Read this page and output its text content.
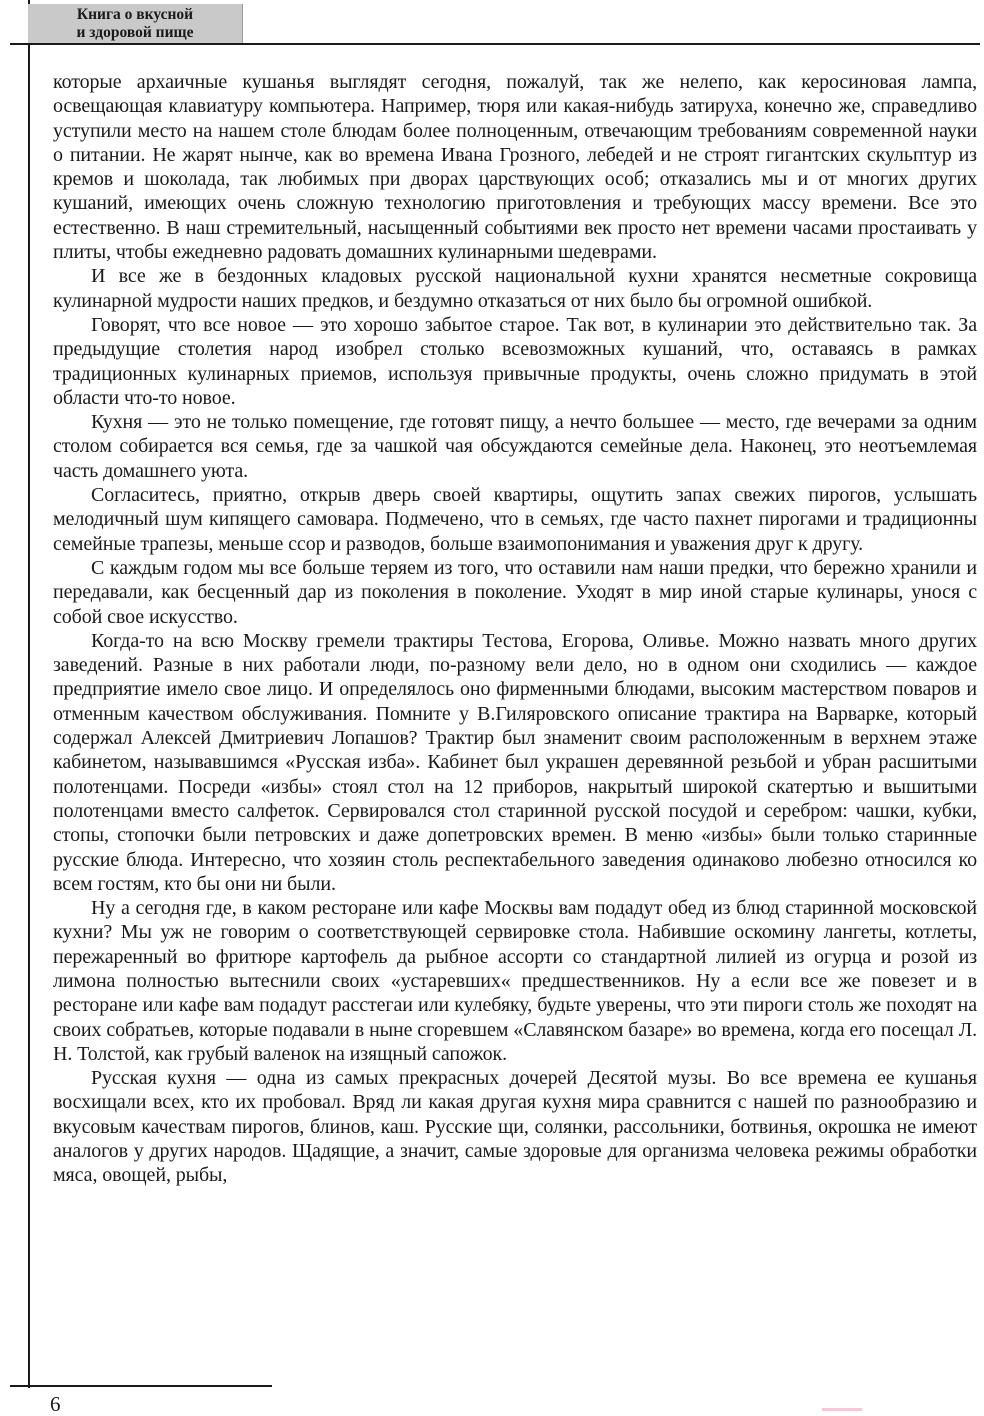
Книга о вкусной
и здоровой пище

которые архаичные кушанья выглядят сегодня, пожалуй, так же нелепо, как керосиновая лампа, освещающая клавиатуру компьютера. Например, тюря или какая-нибудь затируха, конечно же, справедливо уступили место на нашем столе блюдам более полноценным, отвечающим требованиям современной науки о питании. Не жарят нынче, как во времена Ивана Грозного, лебедей и не строят гигантских скульптур из кремов и шоколада, так любимых при дворах царствующих особ; отказались мы и от многих других кушаний, имеющих очень сложную технологию приготовления и требующих массу времени. Все это естественно. В наш стремительный, насыщенный событиями век просто нет времени часами простаивать у плиты, чтобы ежедневно радовать домашних кулинарными шедеврами.

И все же в бездонных кладовых русской национальной кухни хранятся несметные сокровища кулинарной мудрости наших предков, и бездумно отказаться от них было бы огромной ошибкой.

Говорят, что все новое — это хорошо забытое старое. Так вот, в кулинарии это действительно так. За предыдущие столетия народ изобрел столько всевозможных кушаний, что, оставаясь в рамках традиционных кулинарных приемов, используя привычные продукты, очень сложно придумать в этой области что-то новое.

Кухня — это не только помещение, где готовят пищу, а нечто большее — место, где вечерами за одним столом собирается вся семья, где за чашкой чая обсуждаются семейные дела. Наконец, это неотъемлемая часть домашнего уюта.

Согласитесь, приятно, открыв дверь своей квартиры, ощутить запах свежих пирогов, услышать мелодичный шум кипящего самовара. Подмечено, что в семьях, где часто пахнет пирогами и традиционны семейные трапезы, меньше ссор и разводов, больше взаимопонимания и уважения друг к другу.

С каждым годом мы все больше теряем из того, что оставили нам наши предки, что бережно хранили и передавали, как бесценный дар из поколения в поколение. Уходят в мир иной старые кулинары, унося с собой свое искусство.

Когда-то на всю Москву гремели трактиры Тестова, Егорова, Оливье. Можно назвать много других заведений. Разные в них работали люди, по-разному вели дело, но в одном они сходились — каждое предприятие имело свое лицо. И определялось оно фирменными блюдами, высоким мастерством поваров и отменным качеством обслуживания. Помните у В.Гиляровского описание трактира на Варварке, который содержал Алексей Дмитриевич Лопашов? Трактир был знаменит своим расположенным в верхнем этаже кабинетом, называвшимся «Русская изба». Кабинет был украшен деревянной резьбой и убран расшитыми полотенцами. Посреди «избы» стоял стол на 12 приборов, накрытый широкой скатертью и вышитыми полотенцами вместо салфеток. Сервировался стол старинной русской посудой и серебром: чашки, кубки, стопы, стопочки были петровских и даже допетровских времен. В меню «избы» были только старинные русские блюда. Интересно, что хозяин столь респектабельного заведения одинаково любезно относился ко всем гостям, кто бы они ни были.

Ну а сегодня где, в каком ресторане или кафе Москвы вам подадут обед из блюд старинной московской кухни? Мы уж не говорим о соответствующей сервировке стола. Набившие оскомину лангеты, котлеты, пережаренный во фритюре картофель да рыбное ассорти со стандартной лилией из огурца и розой из лимона полностью вытеснили своих «устаревших« предшественников. Ну а если все же повезет и в ресторане или кафе вам подадут расстегаи или кулебяку, будьте уверены, что эти пироги столь же походят на своих собратьев, которые подавали в ныне сгоревшем «Славянском базаре» во времена, когда его посещал Л. Н. Толстой, как грубый валенок на изящный сапожок.

Русская кухня — одна из самых прекрасных дочерей Десятой музы. Во все времена ее кушанья восхищали всех, кто их пробовал. Вряд ли какая другая кухня мира сравнится с нашей по разнообразию и вкусовым качествам пирогов, блинов, каш. Русские щи, солянки, рассольники, ботвинья, окрошка не имеют аналогов у других народов. Щадящие, а значит, самые здоровые для организма человека режимы обработки мяса, овощей, рыбы,

6
